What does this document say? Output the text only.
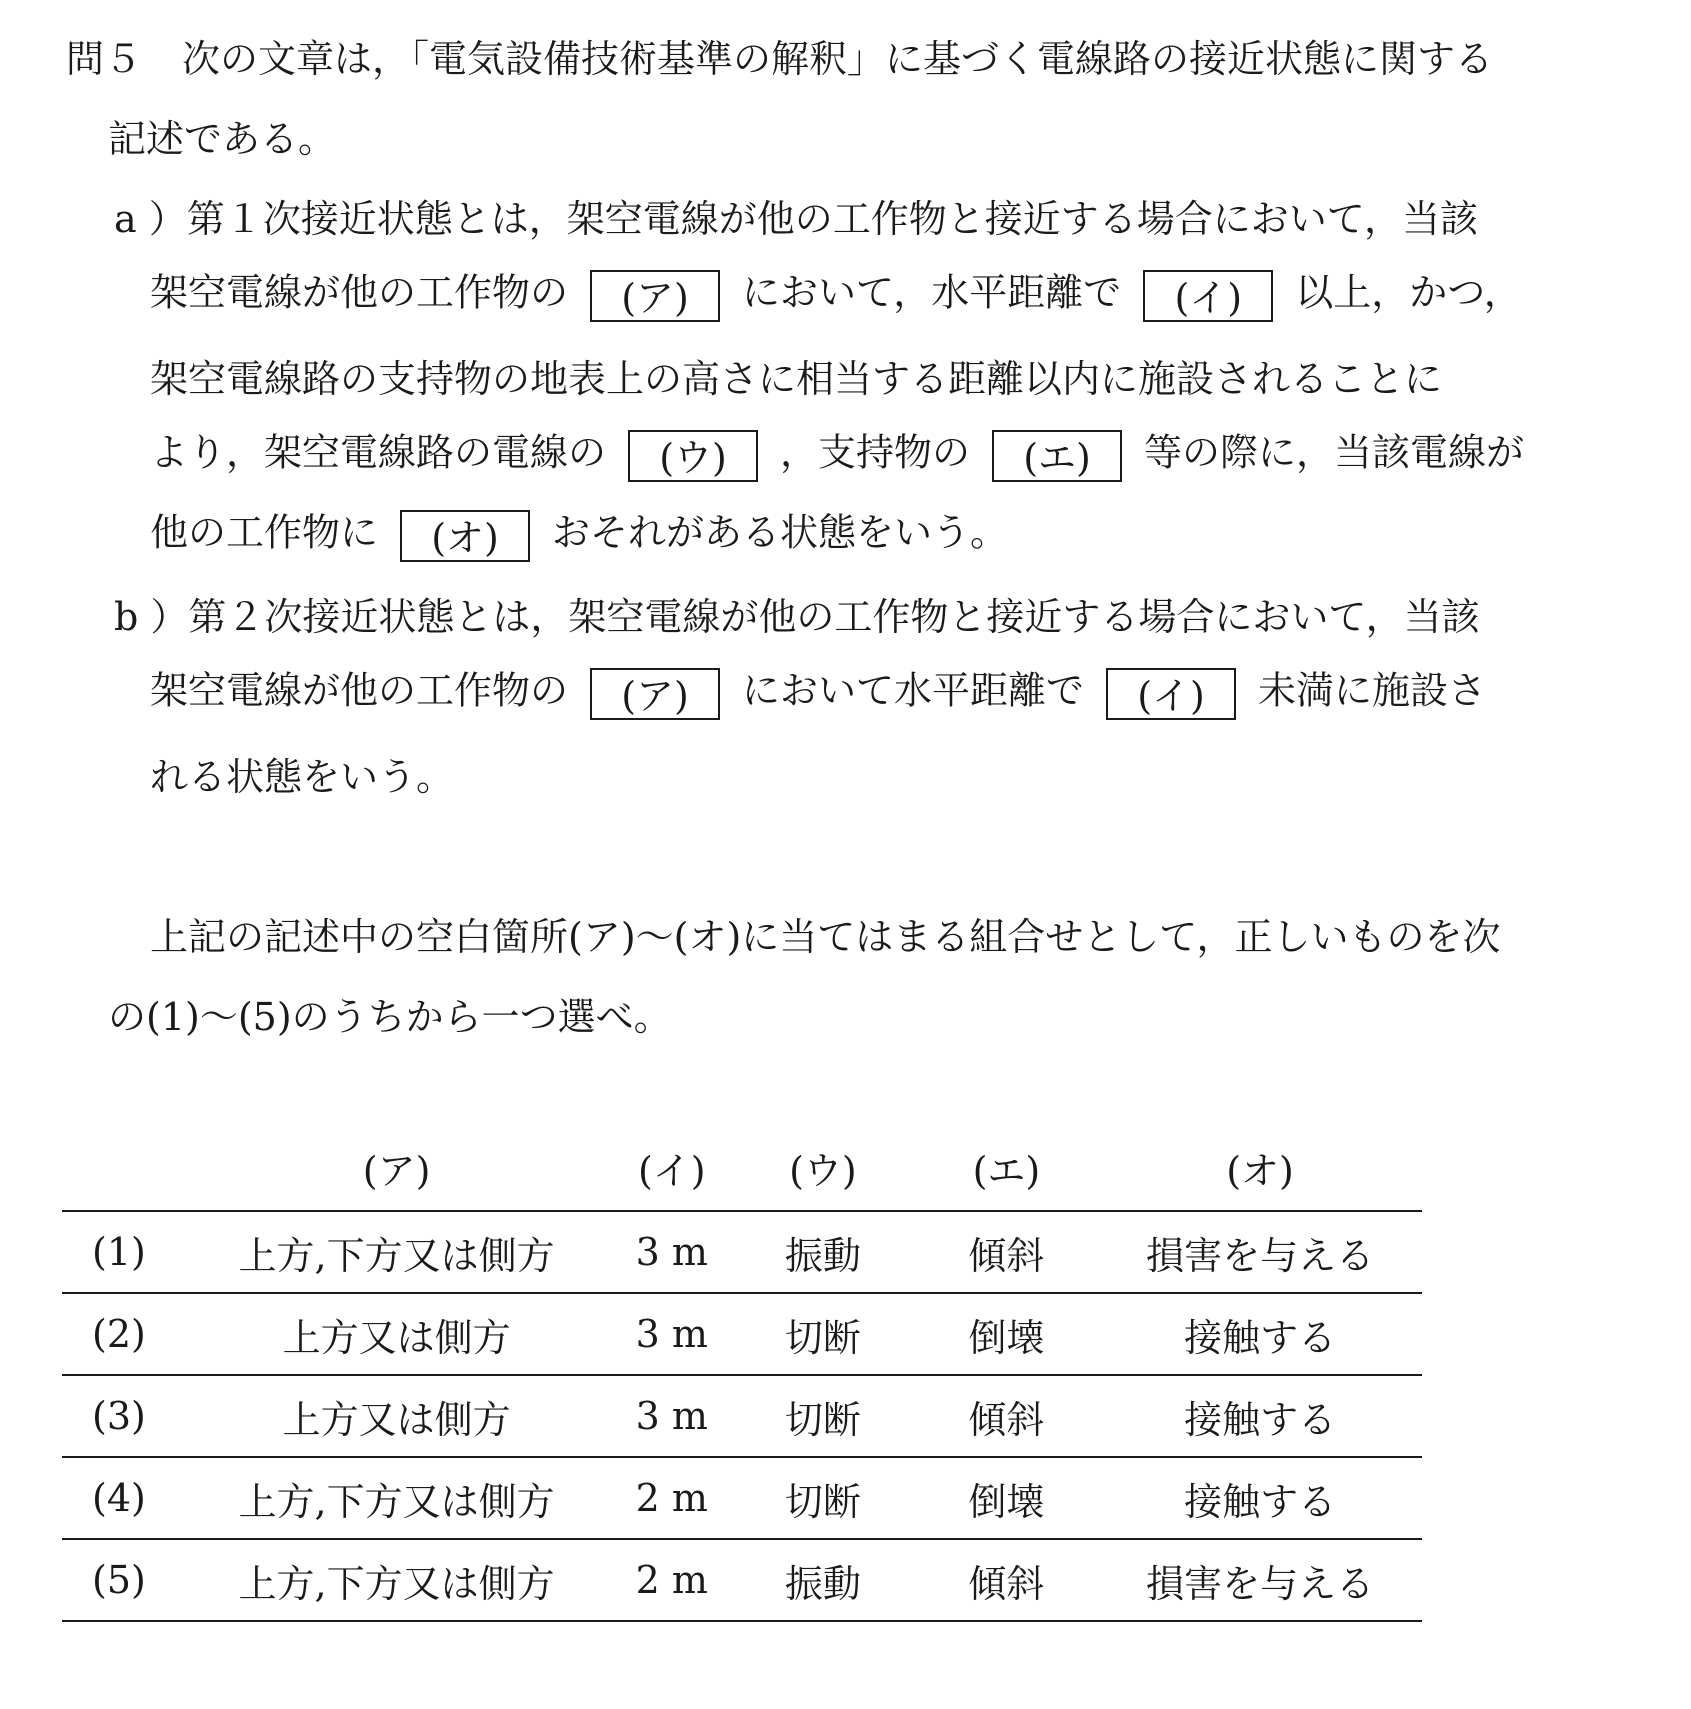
問５ 次の文章は，「電気設備技術基準の解釈」に基づく電線路の接近状態に関する
記述である。
a ）第１次接近状態とは，架空電線が他の工作物と接近する場合において，当該
架空電線が他の工作物の (ア) において，水平距離で (イ) 以上，かつ，
架空電線路の支持物の地表上の高さに相当する距離以内に施設されることに
より，架空電線路の電線の (ウ) ，支持物の (エ) 等の際に，当該電線が
他の工作物に (オ) おそれがある状態をいう。
b ）第２次接近状態とは，架空電線が他の工作物と接近する場合において，当該
架空電線が他の工作物の (ア) において水平距離で (イ) 未満に施設さ
れる状態をいう。
上記の記述中の空白箇所(ア)～(オ)に当てはまる組合せとして，正しいものを次
の(1)～(5)のうちから一つ選べ。
	(ア)	(イ)	(ウ)	(エ)	(オ)
(1)	上方,下方又は側方	3 m	振動	傾斜	損害を与える
(2)	上方又は側方	3 m	切断	倒壊	接触する
(3)	上方又は側方	3 m	切断	傾斜	接触する
(4)	上方,下方又は側方	2 m	切断	倒壊	接触する
(5)	上方,下方又は側方	2 m	振動	傾斜	損害を与える
